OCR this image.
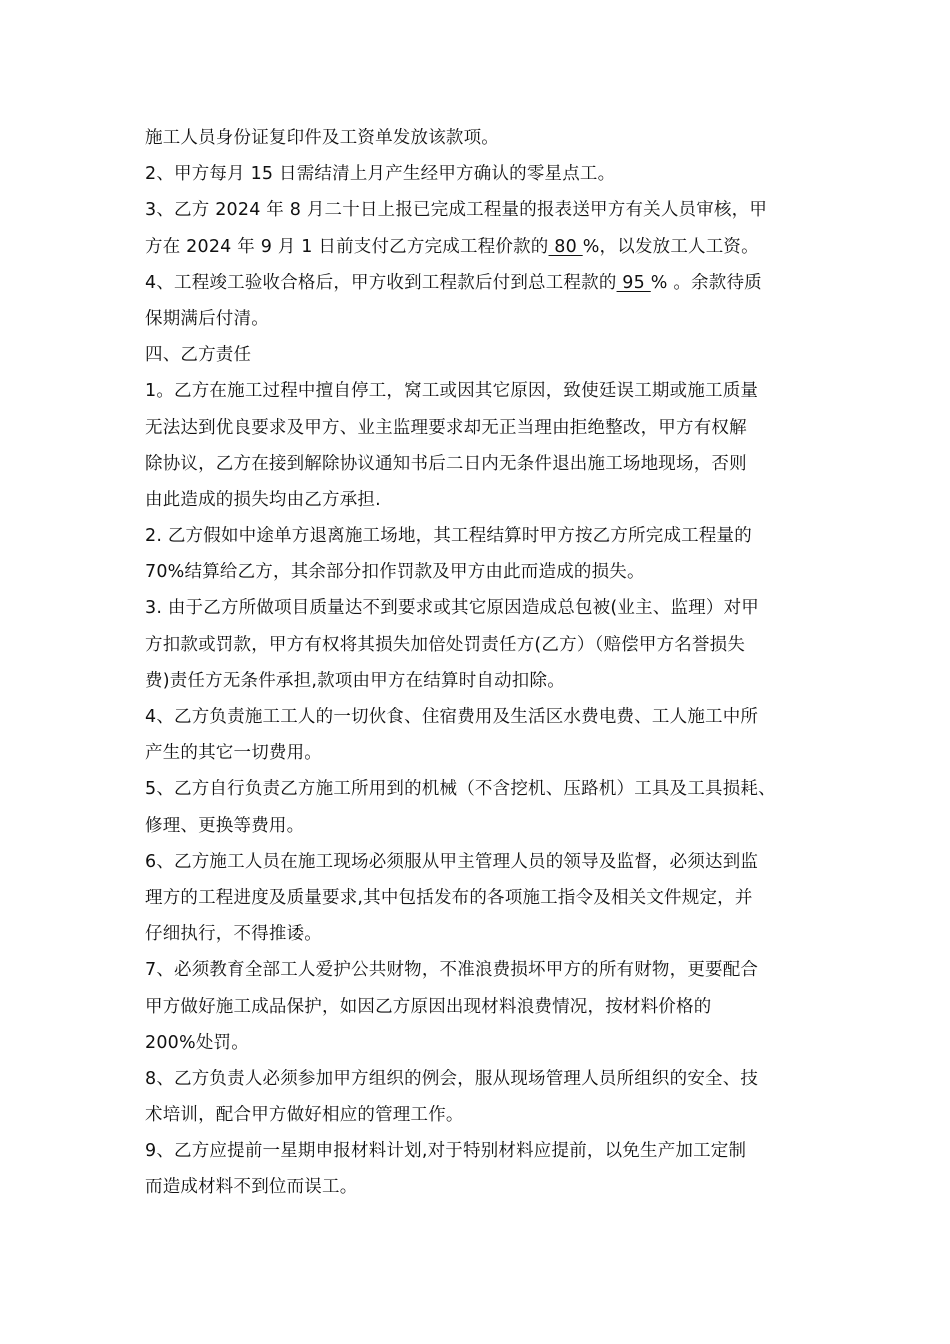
施工人员身份证复印件及工资单发放该款项。
2、甲方每月 15 日需结清上月产生经甲方确认的零星点工。
3、乙方 2024 年 8 月二十日上报已完成工程量的报表送甲方有关人员审核，甲
方在 2024 年 9 月 1 日前支付乙方完成工程价款的 80 %，以发放工人工资。
4、工程竣工验收合格后，甲方收到工程款后付到总工程款的 95 % 。余款待质
保期满后付清。
四、乙方责任
1。乙方在施工过程中擅自停工，窝工或因其它原因，致使廷误工期或施工质量
无法达到优良要求及甲方、业主监理要求却无正当理由拒绝整改，甲方有权解
除协议，乙方在接到解除协议通知书后二日内无条件退出施工场地现场，否则
由此造成的损失均由乙方承担.
2. 乙方假如中途单方退离施工场地，其工程结算时甲方按乙方所完成工程量的
70%结算给乙方，其余部分扣作罚款及甲方由此而造成的损失。
3. 由于乙方所做项目质量达不到要求或其它原因造成总包被(业主、监理）对甲
方扣款或罚款，甲方有权将其损失加倍处罚责任方(乙方）（赔偿甲方名誉损失
费)责任方无条件承担,款项由甲方在结算时自动扣除。
4、乙方负责施工工人的一切伙食、住宿费用及生活区水费电费、工人施工中所
产生的其它一切费用。
5、乙方自行负责乙方施工所用到的机械（不含挖机、压路机）工具及工具损耗、
修理、更换等费用。
6、乙方施工人员在施工现场必须服从甲主管理人员的领导及监督，必须达到监
理方的工程进度及质量要求,其中包括发布的各项施工指令及相关文件规定，并
仔细执行，不得推诿。
7、必须教育全部工人爱护公共财物，不准浪费损坏甲方的所有财物，更要配合
甲方做好施工成品保护，如因乙方原因出现材料浪费情况，按材料价格的
200%处罚。
8、乙方负责人必须参加甲方组织的例会，服从现场管理人员所组织的安全、技
术培训，配合甲方做好相应的管理工作。
9、乙方应提前一星期申报材料计划,对于特别材料应提前，以免生产加工定制
而造成材料不到位而误工。
